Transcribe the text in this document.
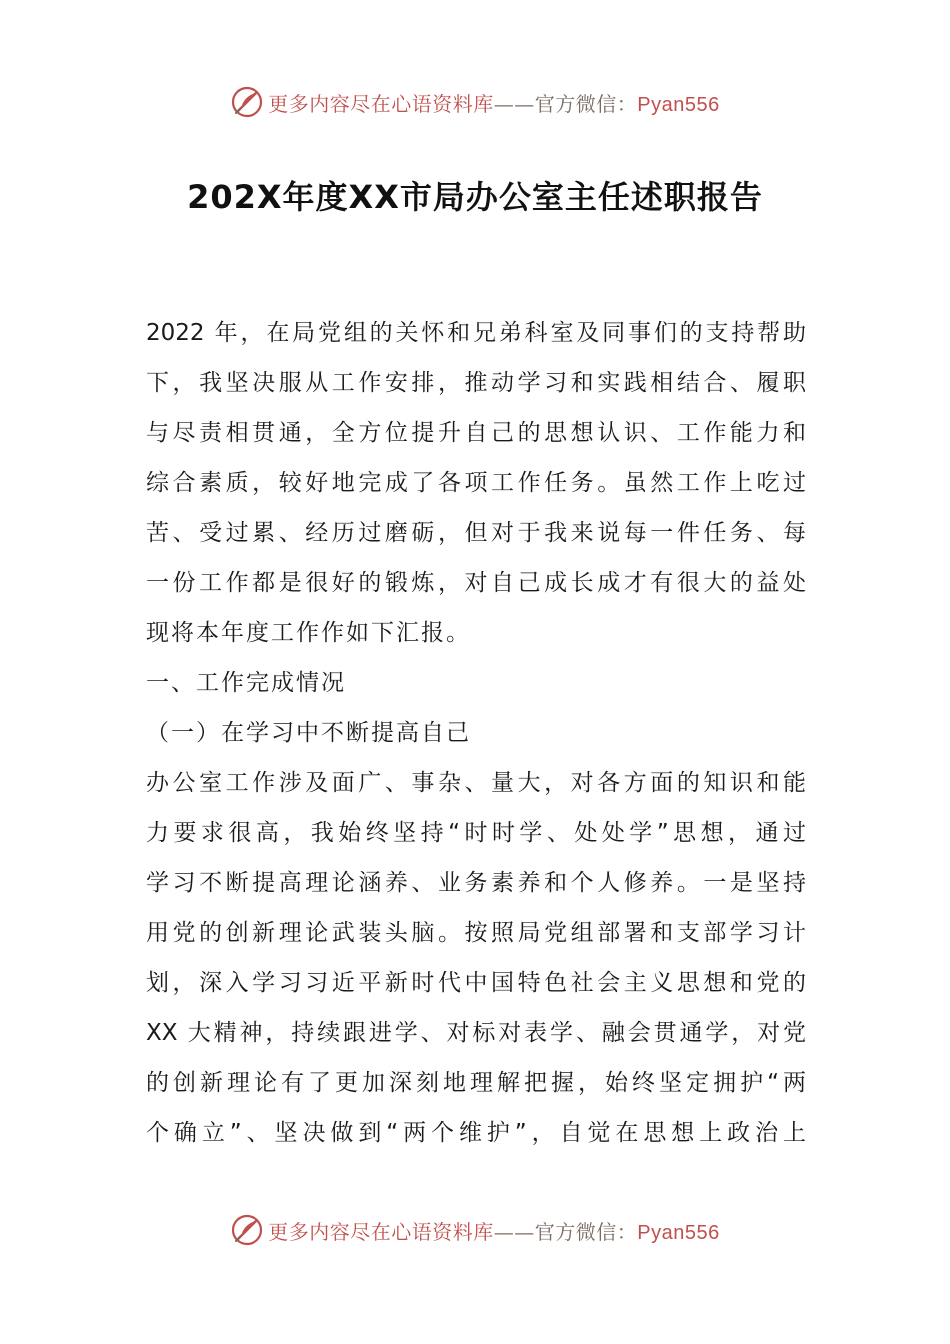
更多内容尽在心语资料库——官方微信：Pyan556
202X年度XX市局办公室主任述职报告
2022 年，在局党组的关怀和兄弟科室及同事们的支持帮助
下，我坚决服从工作安排，推动学习和实践相结合、履职
与尽责相贯通，全方位提升自己的思想认识、工作能力和
综合素质，较好地完成了各项工作任务。虽然工作上吃过
苦、受过累、经历过磨砺，但对于我来说每一件任务、每
一份工作都是很好的锻炼，对自己成长成才有很大的益处
现将本年度工作作如下汇报。
一、工作完成情况
（一）在学习中不断提高自己
办公室工作涉及面广、事杂、量大，对各方面的知识和能
力要求很高，我始终坚持“时时学、处处学”思想，通过
学习不断提高理论涵养、业务素养和个人修养。一是坚持
用党的创新理论武装头脑。按照局党组部署和支部学习计
划，深入学习习近平新时代中国特色社会主义思想和党的
XX 大精神，持续跟进学、对标对表学、融会贯通学，对党
的创新理论有了更加深刻地理解把握，始终坚定拥护“两
个确立”、坚决做到“两个维护”，自觉在思想上政治上
更多内容尽在心语资料库——官方微信：Pyan556
